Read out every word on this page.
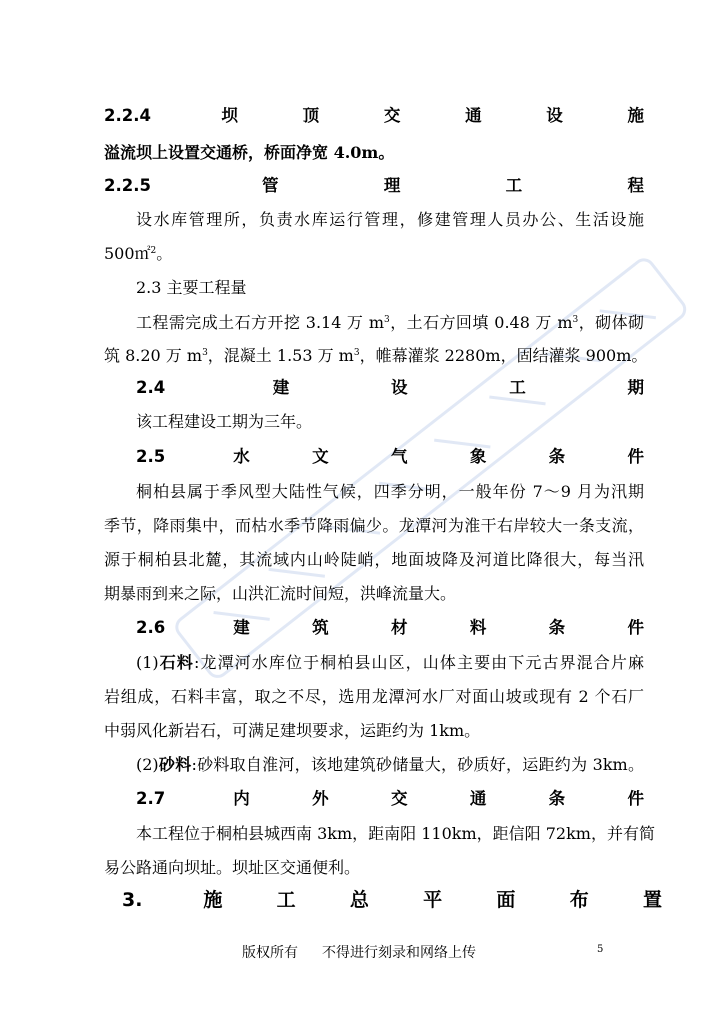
2.2.4 坝顶交通设施
溢流坝上设置交通桥，桥面净宽 4.0m。
2.2.5 管理工程
设水库管理所，负责水库运行管理，修建管理人员办公、生活设施
500㎡$^2$。
2.3 主要工程量
工程需完成土石方开挖 3.14 万 $m^3$，土石方回填 0.48 万 $m^3$，砌体砌
筑 8.20 万 $m^3$，混凝土 1.53 万 $m^3$，帷幕灌浆 2280m，固结灌浆 900m。
2.4 建设工期
该工程建设工期为三年。
2.5 水文气象条件
桐柏县属于季风型大陆性气候，四季分明，一般年份 7～9 月为汛期
季节，降雨集中，而枯水季节降雨偏少。龙潭河为淮干右岸较大一条支流，
源于桐柏县北麓，其流域内山岭陡峭，地面坡降及河道比降很大，每当汛
期暴雨到来之际，山洪汇流时间短，洪峰流量大。
2.6 建筑材料条件
(1)石料:龙潭河水库位于桐柏县山区，山体主要由下元古界混合片麻
岩组成，石料丰富，取之不尽，选用龙潭河水厂对面山坡或现有 2 个石厂
中弱风化新岩石，可满足建坝要求，运距约为 1km。
(2)砂料:砂料取自淮河，该地建筑砂储量大，砂质好，运距约为 3km。
2.7 内外交通条件
本工程位于桐柏县城西南 3km，距南阳 110km，距信阳 72km，并有简
易公路通向坝址。坝址区交通便利。
3. 施工总平面布置
版权所有 不得进行刻录和网络上传	5
